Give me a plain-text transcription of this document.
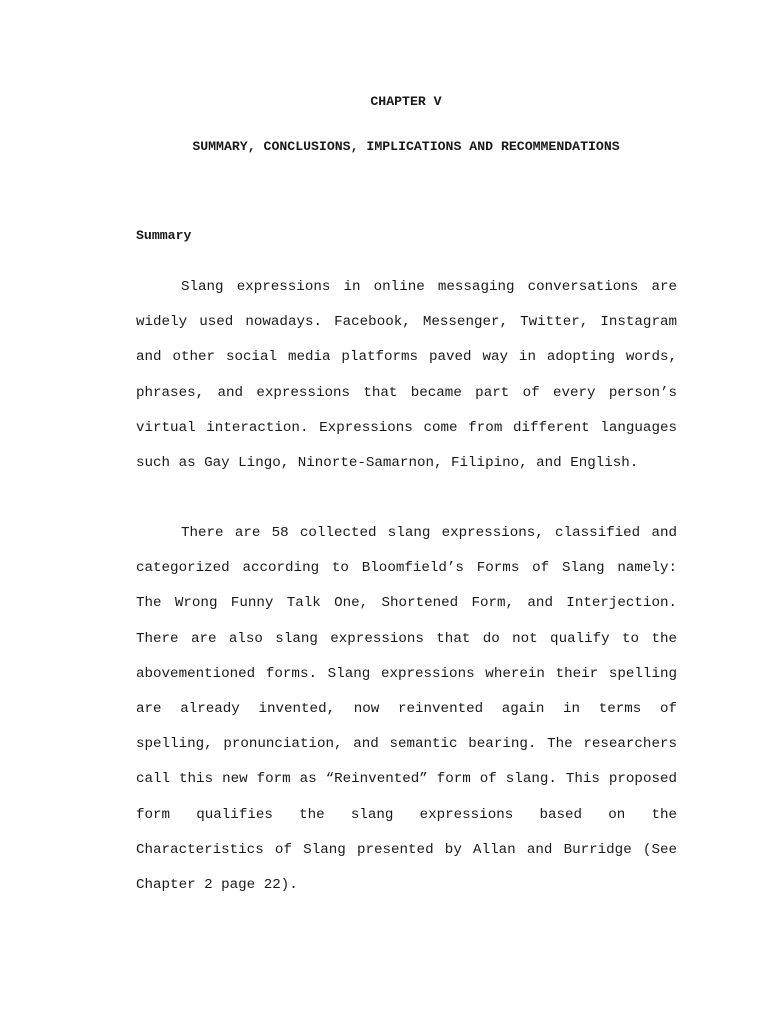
CHAPTER V

SUMMARY, CONCLUSIONS, IMPLICATIONS AND RECOMMENDATIONS

Summary

Slang expressions in online messaging conversations are widely used nowadays. Facebook, Messenger, Twitter, Instagram and other social media platforms paved way in adopting words, phrases, and expressions that became part of every person’s virtual interaction. Expressions come from different languages such as Gay Lingo, Ninorte-Samarnon, Filipino, and English.

There are 58 collected slang expressions, classified and categorized according to Bloomfield’s Forms of Slang namely: The Wrong Funny Talk One, Shortened Form, and Interjection. There are also slang expressions that do not qualify to the abovementioned forms. Slang expressions wherein their spelling are already invented, now reinvented again in terms of spelling, pronunciation, and semantic bearing. The researchers call this new form as “Reinvented” form of slang. This proposed form qualifies the slang expressions based on the Characteristics of Slang presented by Allan and Burridge (See Chapter 2 page 22).
